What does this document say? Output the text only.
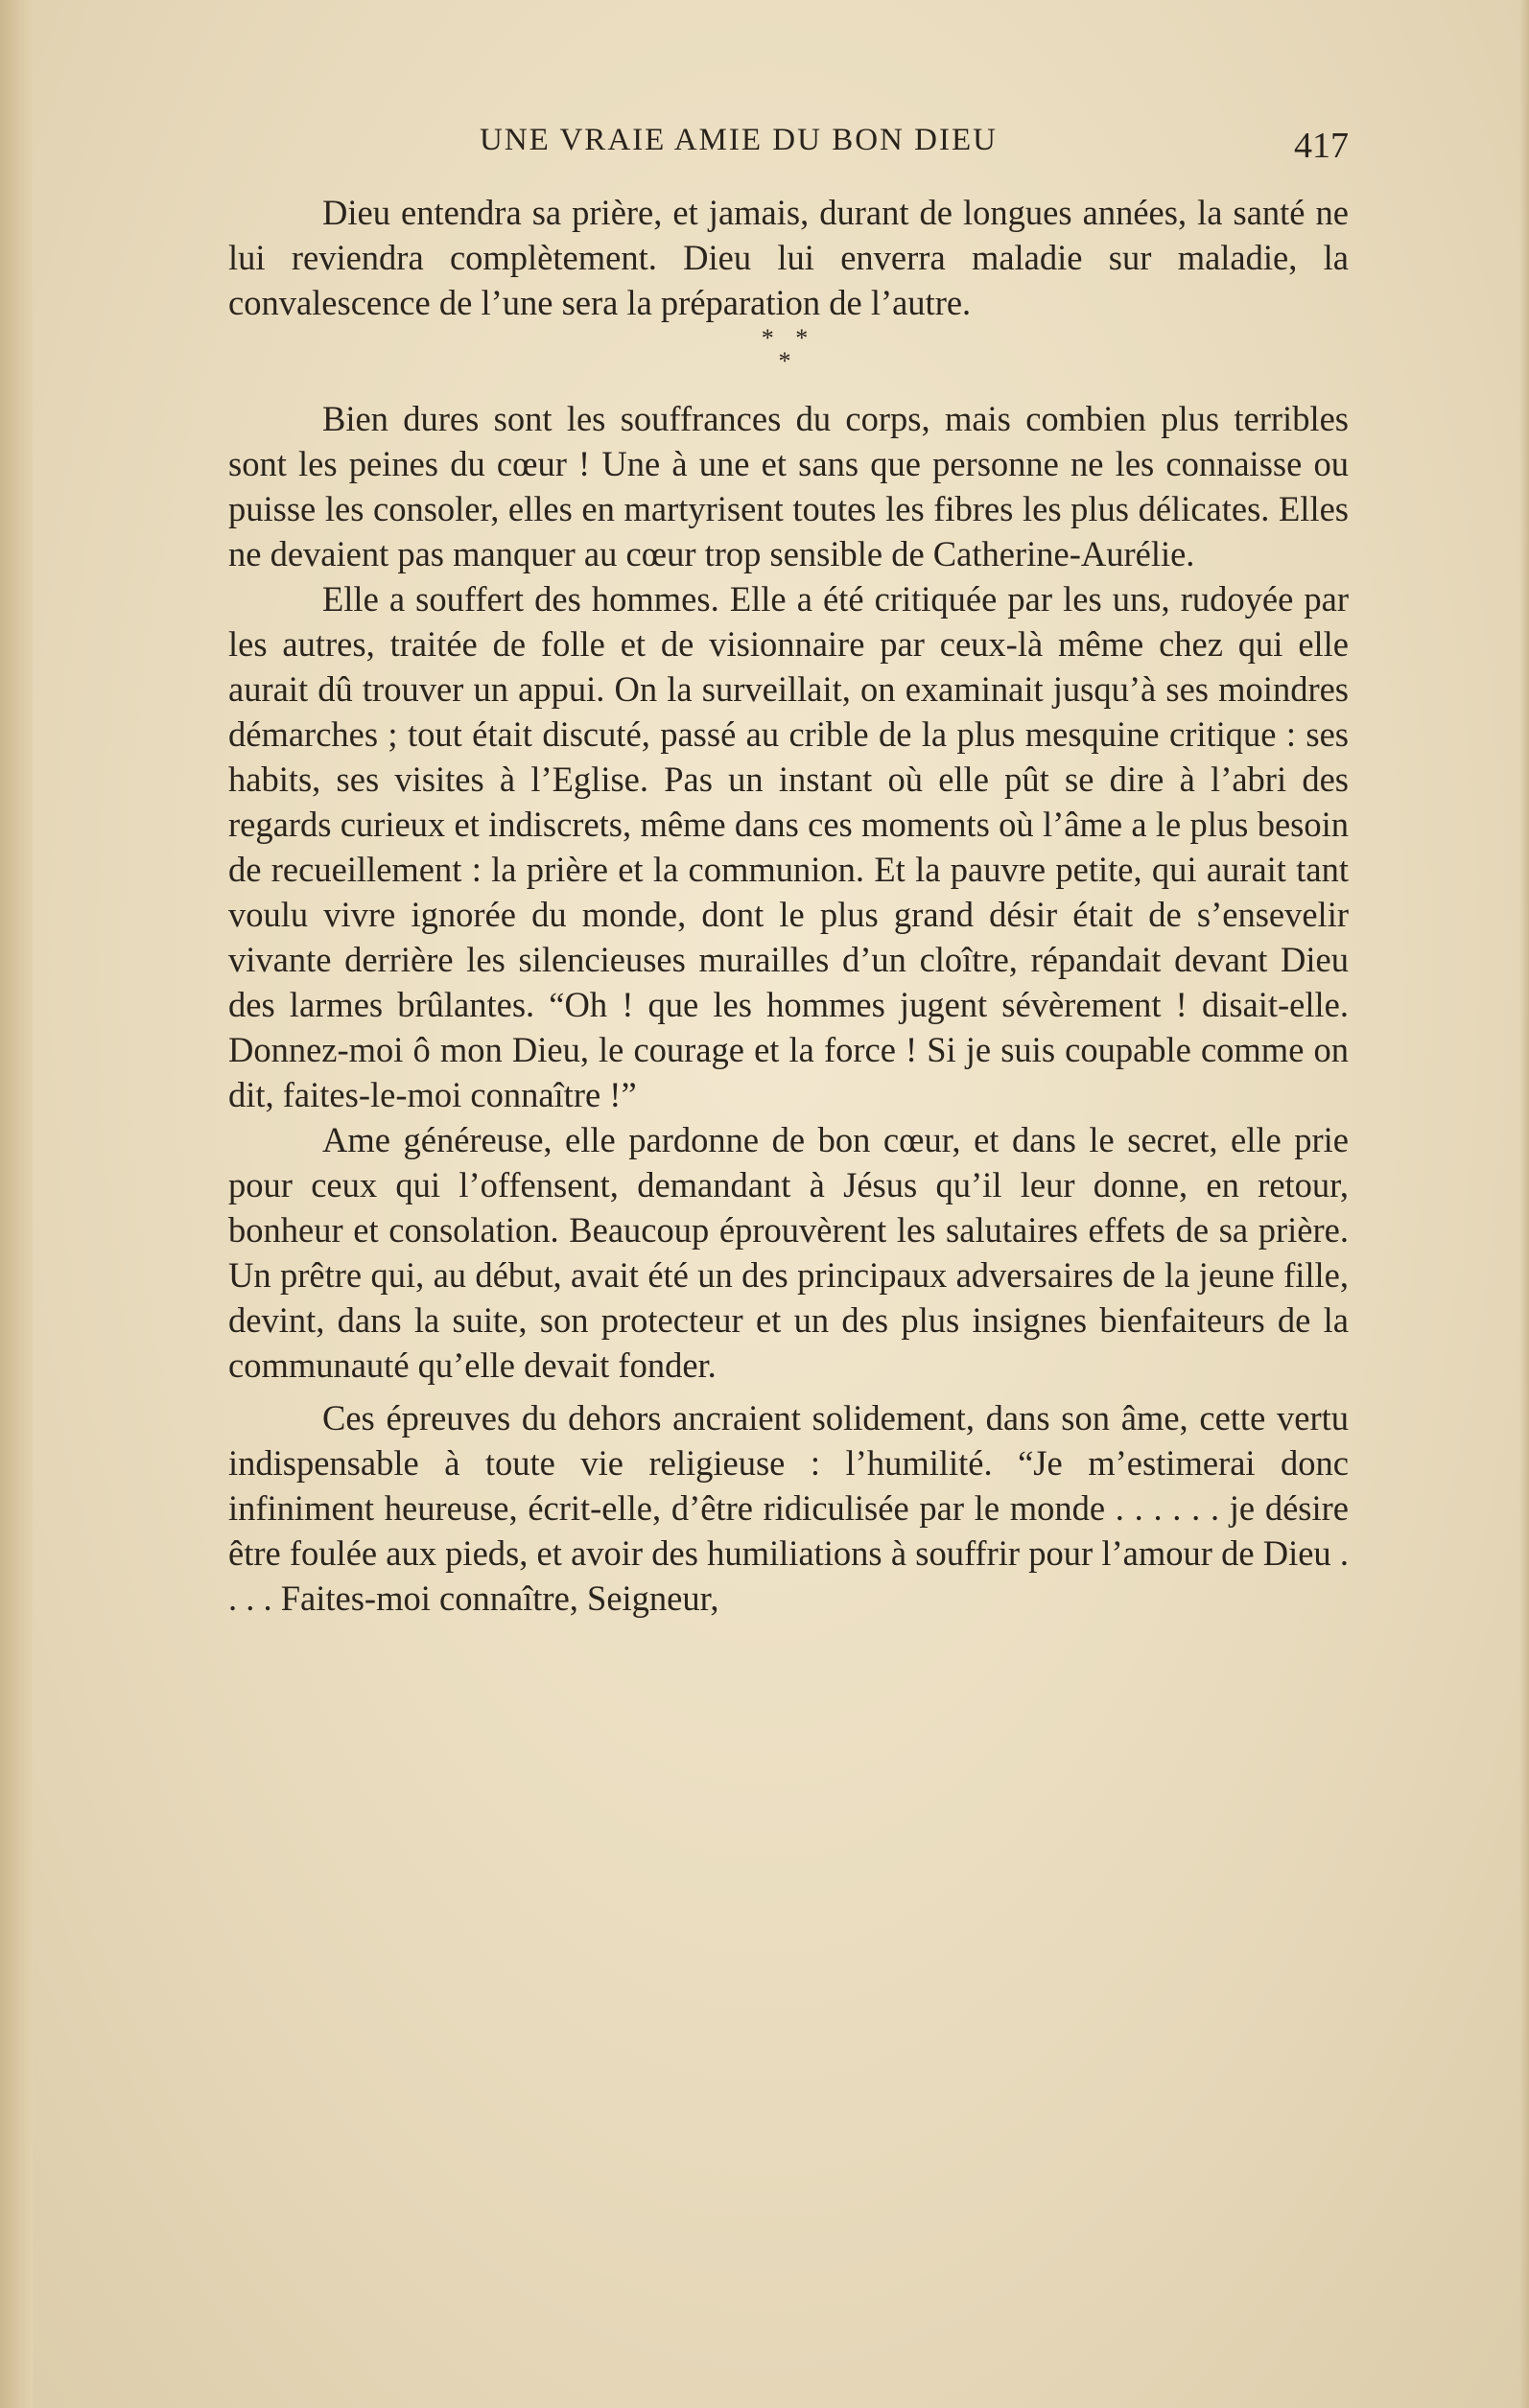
UNE VRAIE AMIE DU BON DIEU	417

Dieu entendra sa prière, et jamais, durant de longues années, la santé ne lui reviendra complètement. Dieu lui enverra maladie sur maladie, la convalescence de l’une sera la préparation de l’autre.

* *
*

Bien dures sont les souffrances du corps, mais combien plus terribles sont les peines du cœur ! Une à une et sans que personne ne les connaisse ou puisse les consoler, elles en martyrisent toutes les fibres les plus délicates. Elles ne devaient pas manquer au cœur trop sensible de Catherine-Aurélie.

Elle a souffert des hommes. Elle a été critiquée par les uns, rudoyée par les autres, traitée de folle et de visionnaire par ceux-là même chez qui elle aurait dû trouver un appui. On la surveillait, on examinait jusqu’à ses moindres démarches ; tout était discuté, passé au crible de la plus mesquine critique : ses habits, ses visites à l’Eglise. Pas un instant où elle pût se dire à l’abri des regards curieux et indiscrets, même dans ces moments où l’âme a le plus besoin de recueillement : la prière et la communion. Et la pauvre petite, qui aurait tant voulu vivre ignorée du monde, dont le plus grand désir était de s’ensevelir vivante derrière les silencieuses murailles d’un cloître, répandait devant Dieu des larmes brûlantes. “Oh ! que les hommes jugent sévèrement ! disait-elle. Donnez-moi ô mon Dieu, le courage et la force ! Si je suis coupable comme on dit, faites-le-moi connaître !”

Ame généreuse, elle pardonne de bon cœur, et dans le secret, elle prie pour ceux qui l’offensent, demandant à Jésus qu’il leur donne, en retour, bonheur et consolation. Beaucoup éprouvèrent les salutaires effets de sa prière. Un prêtre qui, au début, avait été un des principaux adversaires de la jeune fille, devint, dans la suite, son protecteur et un des plus insignes bienfaiteurs de la communauté qu’elle devait fonder.

Ces épreuves du dehors ancraient solidement, dans son âme, cette vertu indispensable à toute vie religieuse : l’humilité. “Je m’estimerai donc infiniment heureuse, écrit-elle, d’être ridiculisée par le monde . . . . . . je désire être foulée aux pieds, et avoir des humiliations à souffrir pour l’amour de Dieu . . . . Faites-moi connaître, Seigneur,
